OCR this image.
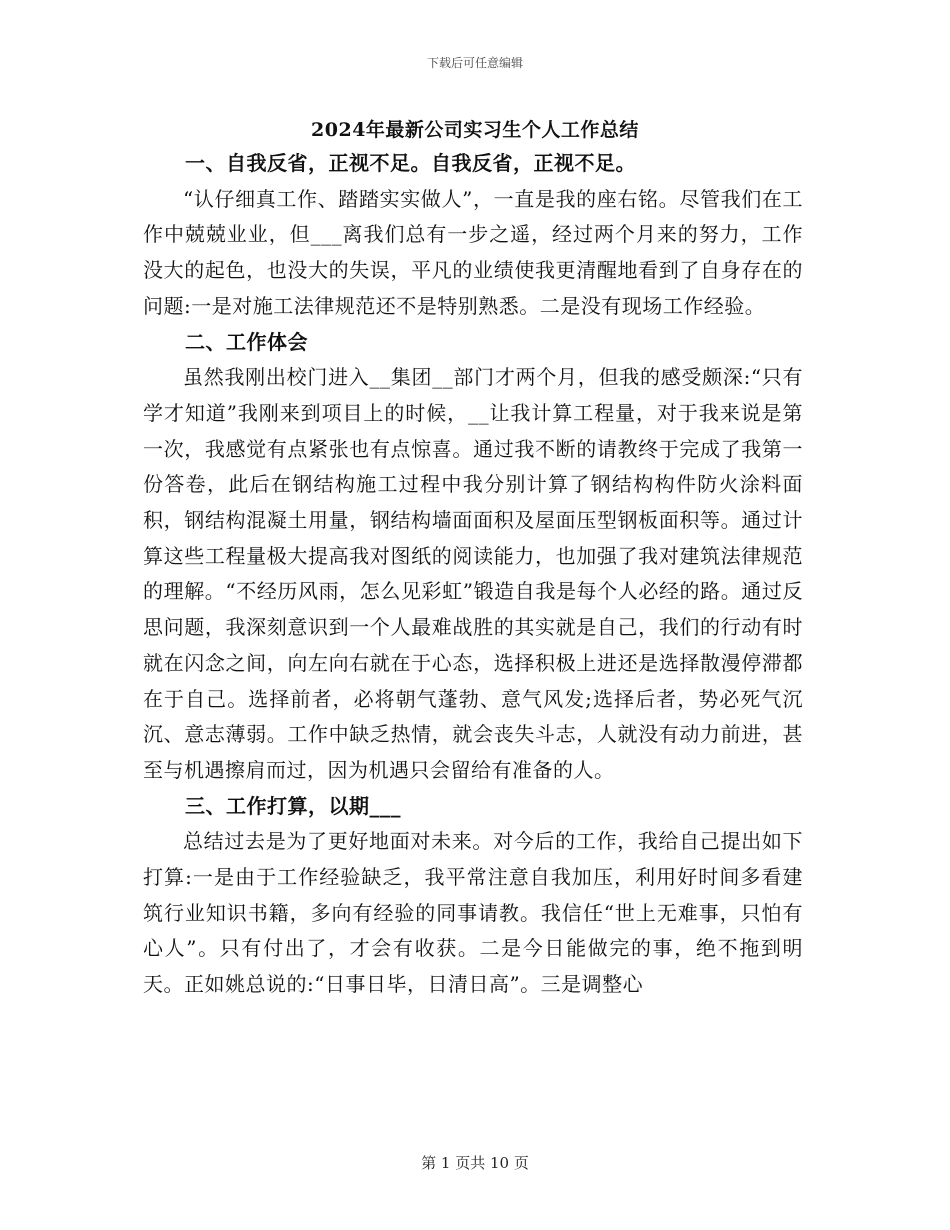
下载后可任意编辑
2024年最新公司实习生个人工作总结

一、自我反省，正视不足。自我反省，正视不足。

“认仔细真工作、踏踏实实做人”，一直是我的座右铭。尽管我们在工作中兢兢业业，但___离我们总有一步之遥，经过两个月来的努力，工作没大的起色，也没大的失误，平凡的业绩使我更清醒地看到了自身存在的问题:一是对施工法律规范还不是特别熟悉。二是没有现场工作经验。

二、工作体会

虽然我刚出校门进入__集团__部门才两个月，但我的感受颇深:“只有学才知道”我刚来到项目上的时候，__让我计算工程量，对于我来说是第一次，我感觉有点紧张也有点惊喜。通过我不断的请教终于完成了我第一份答卷，此后在钢结构施工过程中我分别计算了钢结构构件防火涂料面积，钢结构混凝土用量，钢结构墙面面积及屋面压型钢板面积等。通过计算这些工程量极大提高我对图纸的阅读能力，也加强了我对建筑法律规范的理解。“不经历风雨，怎么见彩虹”锻造自我是每个人必经的路。通过反思问题，我深刻意识到一个人最难战胜的其实就是自己，我们的行动有时就在闪念之间，向左向右就在于心态，选择积极上进还是选择散漫停滞都在于自己。选择前者，必将朝气蓬勃、意气风发;选择后者，势必死气沉沉、意志薄弱。工作中缺乏热情，就会丧失斗志，人就没有动力前进，甚至与机遇擦肩而过，因为机遇只会留给有准备的人。

三、工作打算，以期___

总结过去是为了更好地面对未来。对今后的工作，我给自己提出如下打算:一是由于工作经验缺乏，我平常注意自我加压，利用好时间多看建筑行业知识书籍，多向有经验的同事请教。我信任“世上无难事，只怕有心人”。只有付出了，才会有收获。二是今日能做完的事，绝不拖到明天。正如姚总说的:“日事日毕，日清日高”。三是调整心

第 1 页共 10 页
